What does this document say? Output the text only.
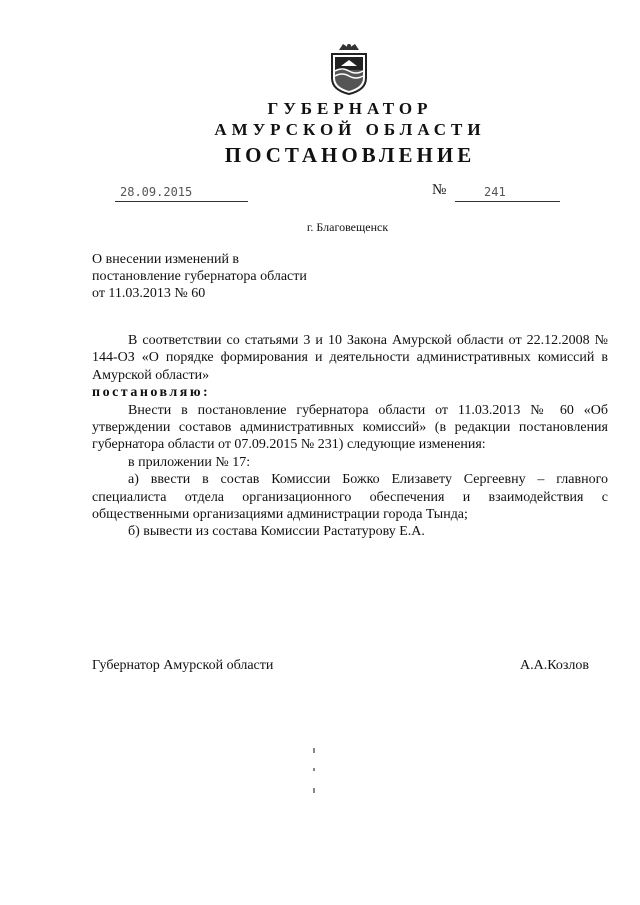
ГУБЕРНАТОР
АМУРСКОЙ ОБЛАСТИ
ПОСТАНОВЛЕНИЕ
28.09.2015	№	241
г. Благовещенск
О внесении изменений в постановление губернатора области от 11.03.2013 № 60

В соответствии со статьями 3 и 10 Закона Амурской области от 22.12.2008 № 144-ОЗ «О порядке формирования и деятельности административных комиссий в Амурской области»

постановляю:

Внести в постановление губернатора области от 11.03.2013 № 60 «Об утверждении составов административных комиссий» (в редакции постановления губернатора области от 07.09.2015 № 231) следующие изменения:

в приложении № 17:

а) ввести в состав Комиссии Божко Елизавету Сергеевну – главного специалиста отдела организационного обеспечения и взаимодействия с общественными организациями администрации города Тында;

б) вывести из состава Комиссии Растатурову Е.А.

Губернатор Амурской области	А.А.Козлов
